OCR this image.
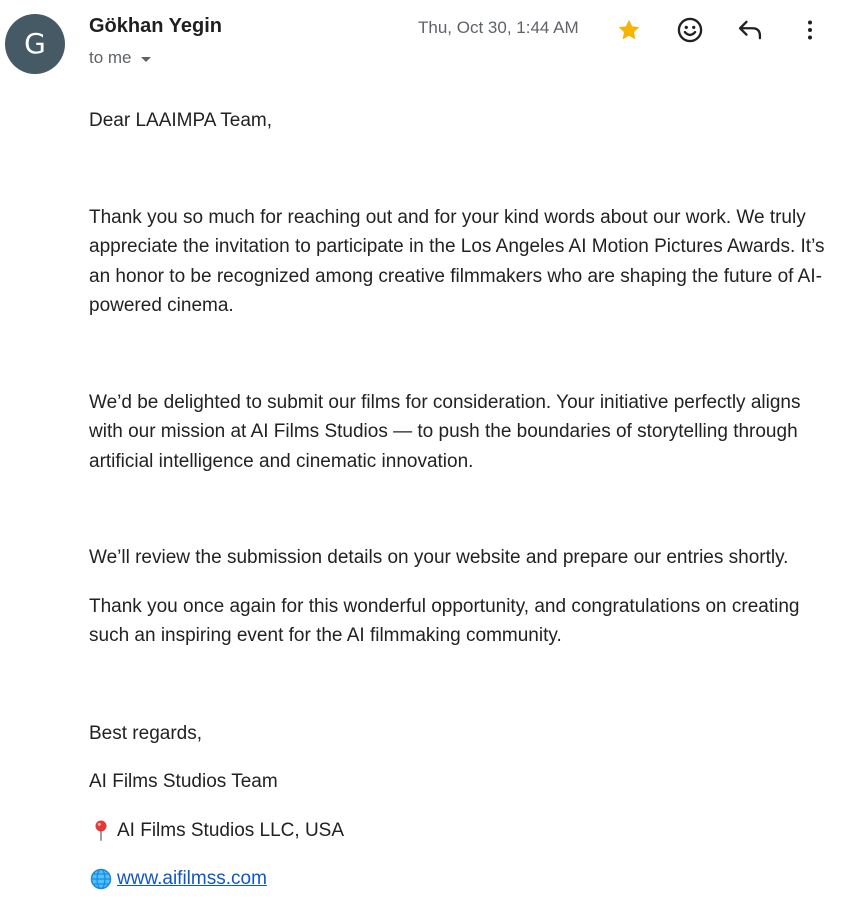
G
Gökhan Yegin
to me
Thu, Oct 30, 1:44 AM

Dear LAAIMPA Team,

Thank you so much for reaching out and for your kind words about our work. We truly appreciate the invitation to participate in the Los Angeles AI Motion Pictures Awards. It’s an honor to be recognized among creative filmmakers who are shaping the future of AI-powered cinema.

We’d be delighted to submit our films for consideration. Your initiative perfectly aligns with our mission at AI Films Studios — to push the boundaries of storytelling through artificial intelligence and cinematic innovation.

We’ll review the submission details on your website and prepare our entries shortly.

Thank you once again for this wonderful opportunity, and congratulations on creating such an inspiring event for the AI filmmaking community.

Best regards,

AI Films Studios Team

AI Films Studios LLC, USA
www.aifilmss.com
